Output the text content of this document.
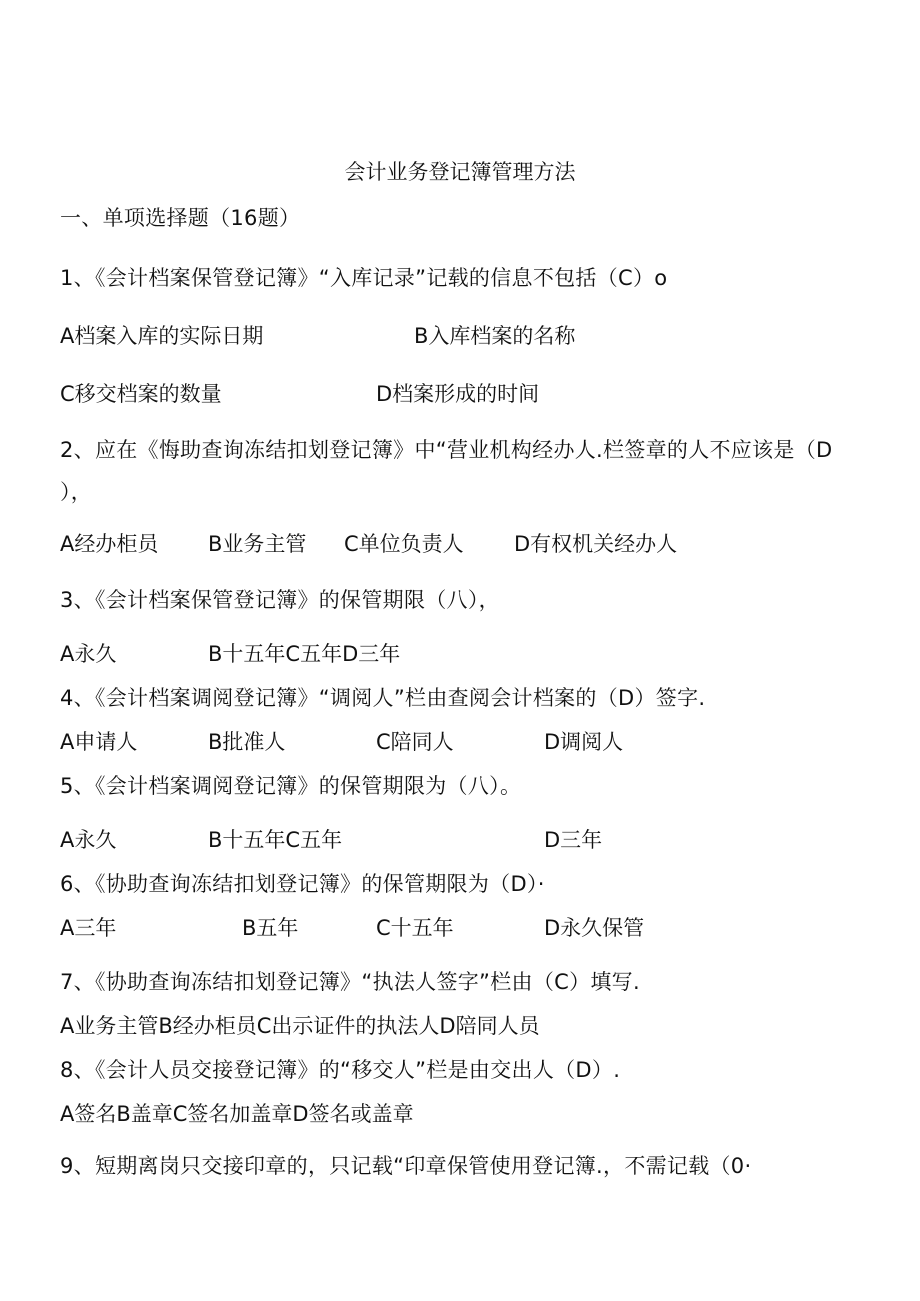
会计业务登记簿管理方法
一、单项选择题（16题）
1、《会计档案保管登记簿》“入库记录”记载的信息不包括（C）o
A档案入库的实际日期	B入库档案的名称
C移交档案的数量	D档案形成的时间
2、应在《悔助查询冻结扣划登记簿》中“营业机构经办人.栏签章的人不应该是（D
），
A经办柜员 B业务主管 C单位负责人 D有权机关经办人
3、《会计档案保管登记簿》的保管期限（八），
A永久	B十五年C五年D三年
4、《会计档案调阅登记簿》“调阅人”栏由查阅会计档案的（D）签字.
A申请人	B批准人	C陪同人	D调阅人
5、《会计档案调阅登记簿》的保管期限为（八）。
A永久	B十五年C五年	D三年
6、《协助查询冻结扣划登记簿》的保管期限为（D）·
A三年	B五年	C十五年	D永久保管
7、《协助查询冻结扣划登记簿》“执法人签字”栏由（C）填写.
A业务主管B经办柜员C出示证件的执法人D陪同人员
8、《会计人员交接登记簿》的“移交人”栏是由交出人（D）.
A签名B盖章C签名加盖章D签名或盖章
9、短期离岗只交接印章的，只记载“印章保管使用登记簿.，不需记载（0·
